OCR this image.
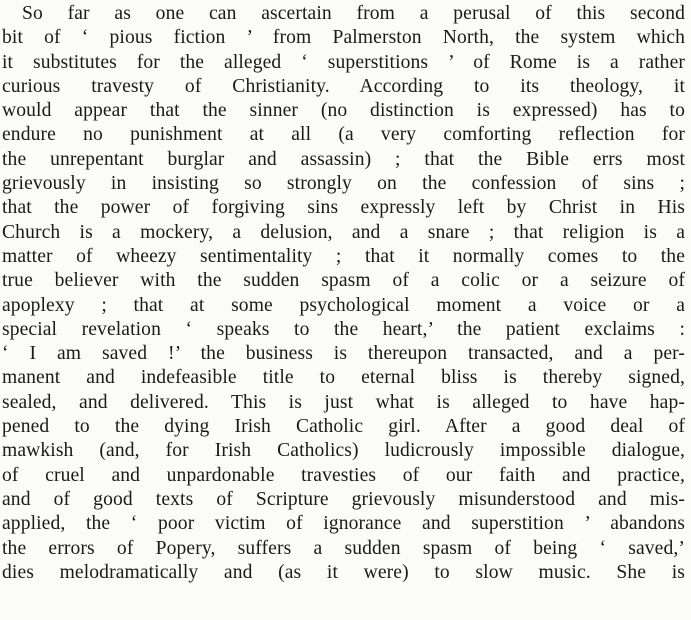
So far as one can ascertain from a perusal of this second
bit of ‘ pious fiction ’ from Palmerston North, the system which
it substitutes for the alleged ‘ superstitions ’ of Rome is a rather
curious travesty of Christianity. According to its theology, it
would appear that the sinner (no distinction is expressed) has to
endure no punishment at all (a very comforting reflection for
the unrepentant burglar and assassin) ; that the Bible errs most
grievously in insisting so strongly on the confession of sins ;
that the power of forgiving sins expressly left by Christ in His
Church is a mockery, a delusion, and a snare ; that religion is a
matter of wheezy sentimentality ; that it normally comes to the
true believer with the sudden spasm of a colic or a seizure of
apoplexy ; that at some psychological moment a voice or a
special revelation ‘ speaks to the heart,’ the patient exclaims :
‘ I am saved !’ the business is thereupon transacted, and a per-
manent and indefeasible title to eternal bliss is thereby signed,
sealed, and delivered. This is just what is alleged to have hap-
pened to the dying Irish Catholic girl. After a good deal of
mawkish (and, for Irish Catholics) ludicrously impossible dialogue,
of cruel and unpardonable travesties of our faith and practice,
and of good texts of Scripture grievously misunderstood and mis-
applied, the ‘ poor victim of ignorance and superstition ’ abandons
the errors of Popery, suffers a sudden spasm of being ‘ saved,’
dies melodramatically and (as it were) to slow music. She is
